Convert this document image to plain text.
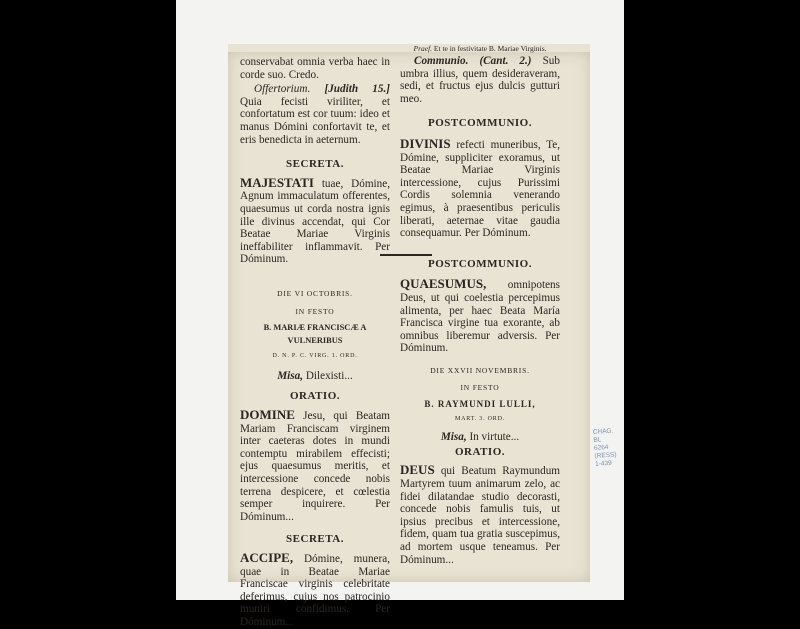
conservabat omnia verba haec in corde suo. Credo.

Offertorium. [Judith 15.] Quia fecisti viriliter, et confortatum est cor tuum: ideo et manus Dómini confortavit te, et eris benedicta in aeternum.

SECRETA.

MAJESTATI tuae, Dómine, Agnum immaculatum offerentes, quaesumus ut corda nostra ignis ille divinus accendat, qui Cor Beatae Mariae Virginis ineffabiliter inflammavit. Per Dóminum.

DIE VI OCTOBRIS.
IN FESTO
B. MARIÆ FRANCISCÆ A VULNERIBUS
D. N. P. C. VIRG. 1. ORD.
Misa, Dilexisti...
ORATIO.

DOMINE Jesu, qui Beatam Mariam Franciscam virginem inter caeteras dotes in mundi contemptu mirabilem effecisti; ejus quaesumus meritis, et intercessione concede nobis terrena despicere, et cœlestia semper inquirere. Per Dóminum...

SECRETA.

ACCIPE, Dómine, munera, quae in Beatae Mariae Franciscae virginis celebritate deferimus, cujus nos patrocinio muniri confidimus. Per Dóminum...

Praef. Et te in festivitate B. Mariae Virginis.

Communio. (Cant. 2.) Sub umbra illius, quem desideraveram, sedi, et fructus ejus dulcis gutturi meo.

POSTCOMMUNIO.

DIVINIS refecti muneribus, Te, Dómine, suppliciter exoramus, ut Beatae Mariae Virginis intercessione, cujus Purissimi Cordis solemnia venerando egimus, à praesentibus periculis liberati, aeternae vitae gaudia consequamur. Per Dóminum.

POSTCOMMUNIO.

QUAESUMUS, omnipotens Deus, ut qui coelestia percepimus alimenta, per haec Beata María Francisca virgine tua exorante, ab omnibus liberemur adversis. Per Dóminum.

DIE XXVII NOVEMBRIS.
IN FESTO
B. RAYMUNDI LULLI,
MART. 3. ORD.
Misa, In virtute...
ORATIO.

DEUS qui Beatum Raymundum Martyrem tuum animarum zelo, ac fidei dilatandae studio decorasti, concede nobis famulis tuis, ut ipsius precibus et intercessione, fidem, quam tua gratia suscepimus, ad mortem usque teneamus. Per Dóminum...

CHAG.
BL
6264
(RESS)
1-439
